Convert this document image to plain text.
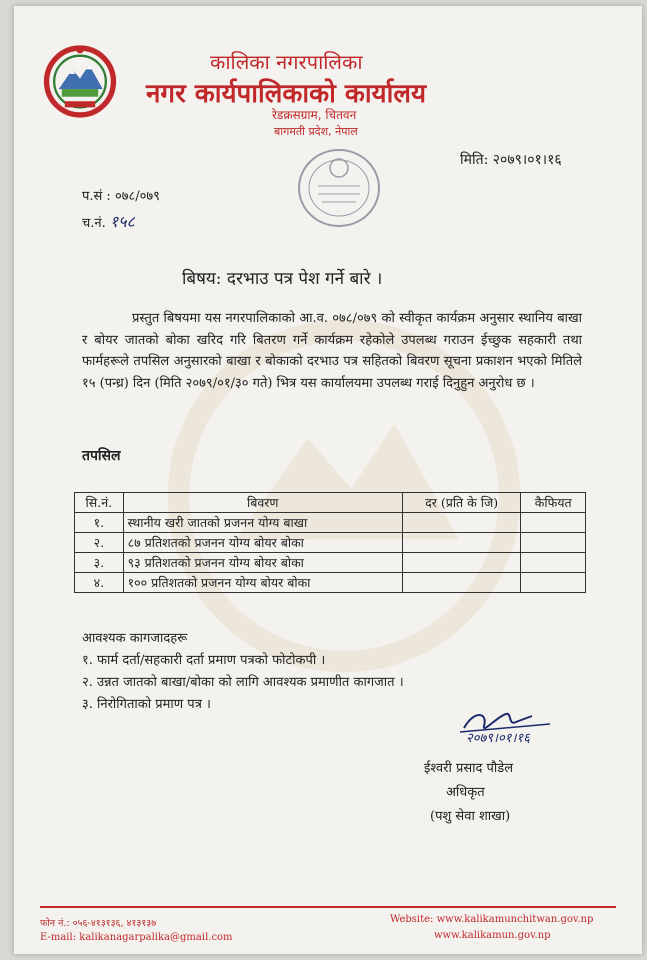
कालिका नगरपालिका
नगर कार्यपालिकाको कार्यालय
रेडक्रसग्राम, चितवन
बागमती प्रदेश, नेपाल
मिति: २०७९।०१।१६
प.सं : ०७८/०७९
च.नं. १५८
बिषय: दरभाउ पत्र पेश गर्ने बारे ।
प्रस्तुत बिषयमा यस नगरपालिकाको आ.व. ०७८/०७९ को स्वीकृत कार्यक्रम अनुसार स्थानिय बाखा र बोयर जातको बोका खरिद गरि बितरण गर्ने कार्यक्रम रहेकोले उपलब्ध गराउन ईच्छुक सहकारी तथा फार्महरूले तपसिल अनुसारको बाखा र बोकाको दरभाउ पत्र सहितको बिवरण सूचना प्रकाशन भएको मितिले १५ (पन्ध्र) दिन (मिति २०७९/०१/३० गते) भित्र यस कार्यालयमा उपलब्ध गराई दिनुहुन अनुरोध छ ।
तपसिल
सि.नं.	बिवरण	दर (प्रति के जि)	कैफियत
१.	स्थानीय खरी जातको प्रजनन योग्य बाखा		
२.	८७ प्रतिशतको प्रजनन योग्य बोयर बोका		
३.	९३ प्रतिशतको प्रजनन योग्य बोयर बोका		
४.	१०० प्रतिशतको प्रजनन योग्य बोयर बोका		
आवश्यक कागजादहरू
१. फार्म दर्ता/सहकारी दर्ता प्रमाण पत्रको फोटोकपी ।
२. उन्नत जातको बाखा/बोका को लागि आवश्यक प्रमाणीत कागजात ।
३. निरोगिताको प्रमाण पत्र ।
२०७९।०१।१६
ईश्वरी प्रसाद पौडेल
अधिकृत
(पशु सेवा शाखा)
फोन नं.: ०५६-४१३१३६, ४१३१३७
E-mail: kalikanagarpalika@gmail.com
Website: www.kalikamunchitwan.gov.np
www.kalikamun.gov.np
